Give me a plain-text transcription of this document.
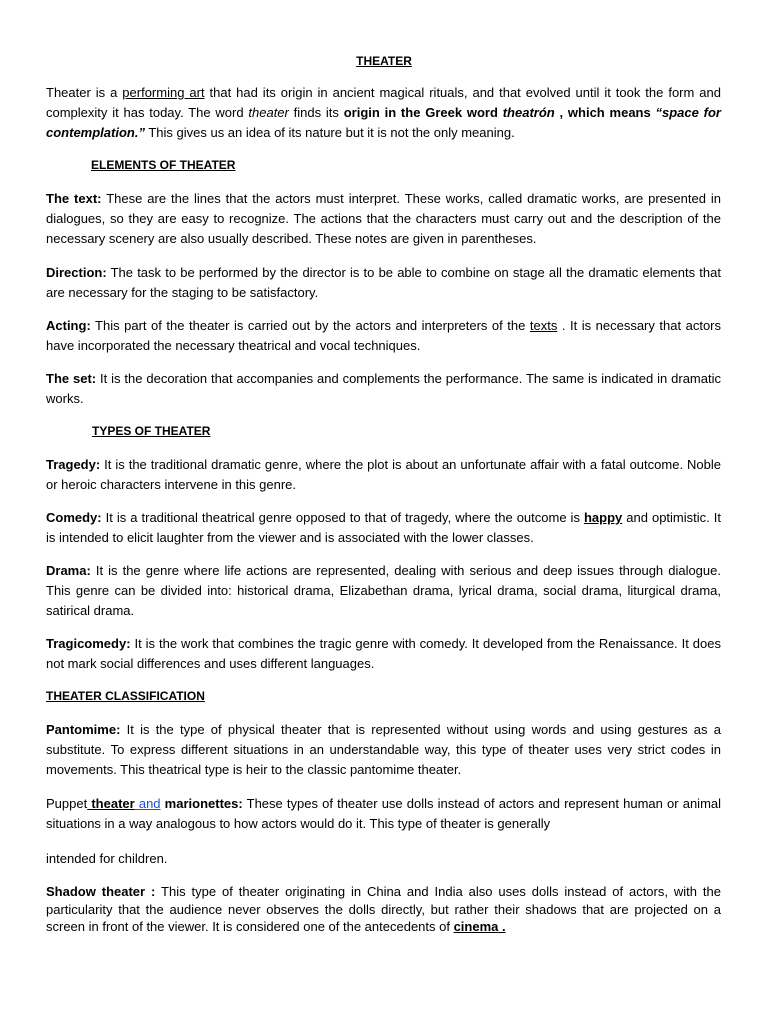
THEATER

Theater is a performing art that had its origin in ancient magical rituals, and that evolved until it took the form and complexity it has today. The word theater finds its origin in the Greek word theatrón , which means “space for contemplation.” This gives us an idea of its nature but it is not the only meaning.

ELEMENTS OF THEATER

The text: These are the lines that the actors must interpret. These works, called dramatic works, are presented in dialogues, so they are easy to recognize. The actions that the characters must carry out and the description of the necessary scenery are also usually described. These notes are given in parentheses.

Direction: The task to be performed by the director is to be able to combine on stage all the dramatic elements that are necessary for the staging to be satisfactory.

Acting: This part of the theater is carried out by the actors and interpreters of the texts . It is necessary that actors have incorporated the necessary theatrical and vocal techniques.

The set: It is the decoration that accompanies and complements the performance. The same is indicated in dramatic works.

TYPES OF THEATER

Tragedy: It is the traditional dramatic genre, where the plot is about an unfortunate affair with a fatal outcome. Noble or heroic characters intervene in this genre.

Comedy: It is a traditional theatrical genre opposed to that of tragedy, where the outcome is happy and optimistic. It is intended to elicit laughter from the viewer and is associated with the lower classes.

Drama: It is the genre where life actions are represented, dealing with serious and deep issues through dialogue. This genre can be divided into: historical drama, Elizabethan drama, lyrical drama, social drama, liturgical drama, satirical drama.

Tragicomedy: It is the work that combines the tragic genre with comedy. It developed from the Renaissance. It does not mark social differences and uses different languages.

THEATER CLASSIFICATION

Pantomime: It is the type of physical theater that is represented without using words and using gestures as a substitute. To express different situations in an understandable way, this type of theater uses very strict codes in movements. This theatrical type is heir to the classic pantomime theater.

Puppet theater and marionettes: These types of theater use dolls instead of actors and represent human or animal situations in a way analogous to how actors would do it. This type of theater is generally

intended for children.

Shadow theater : This type of theater originating in China and India also uses dolls instead of actors, with the particularity that the audience never observes the dolls directly, but rather their shadows that are projected on a screen in front of the viewer. It is considered one of the antecedents of cinema .
